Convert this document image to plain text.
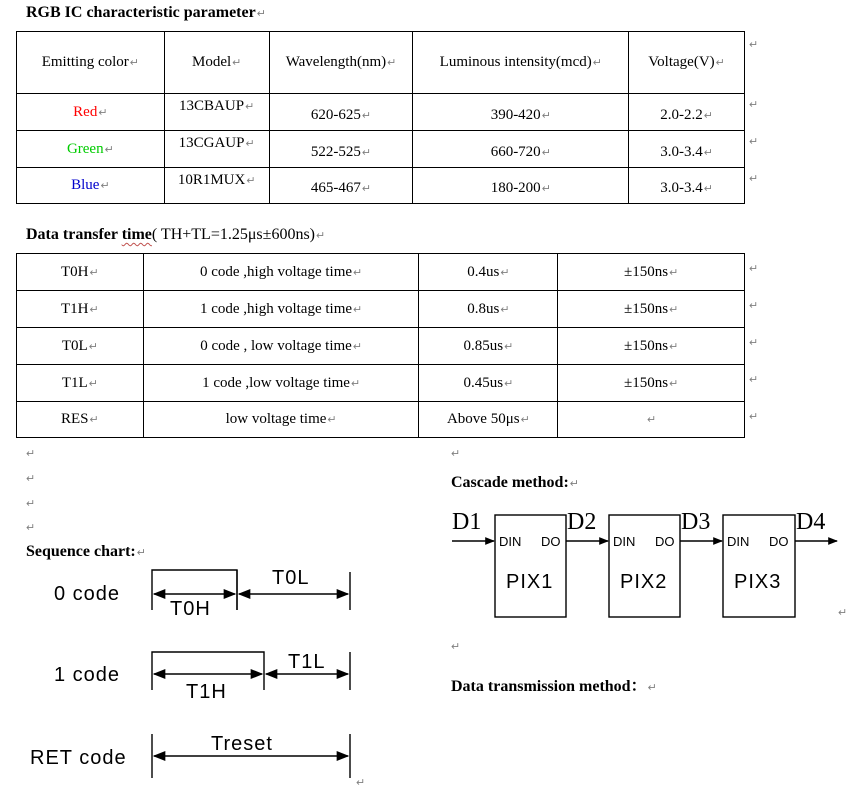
RGB IC characteristic parameter↵
Emitting color↵	Model↵	Wavelength(nm)↵	Luminous intensity(mcd)↵	Voltage(V)↵
Red↵	13CBAUP↵	620-625↵	390-420↵	2.0-2.2↵
Green↵	13CGAUP↵	522-525↵	660-720↵	3.0-3.4↵
Blue↵	10R1MUX↵	465-467↵	180-200↵	3.0-3.4↵
↵
↵
↵
↵
Data transfer time( TH+TL=1.25μs±600ns)↵
T0H↵	0 code ,high voltage time↵	0.4us↵	±150ns↵
T1H↵	1 code ,high voltage time↵	0.8us↵	±150ns↵
T0L↵	0 code , low voltage time↵	0.85us↵	±150ns↵
T1L↵	1 code ,low voltage time↵	0.45us↵	±150ns↵
RES↵	low voltage time↵	Above 50μs↵	↵
↵
↵
↵
↵
↵
↵
↵
↵
↵
↵
↵
↵
↵
Sequence chart:↵
0 code
T0H
T0L
1 code
T1H
T1L
RET code
Treset
Cascade method:↵
D1	D2	D3	D4
DIN DO	DIN DO	DIN DO
PIX1	PIX2	PIX3
Data transmission method：↵
